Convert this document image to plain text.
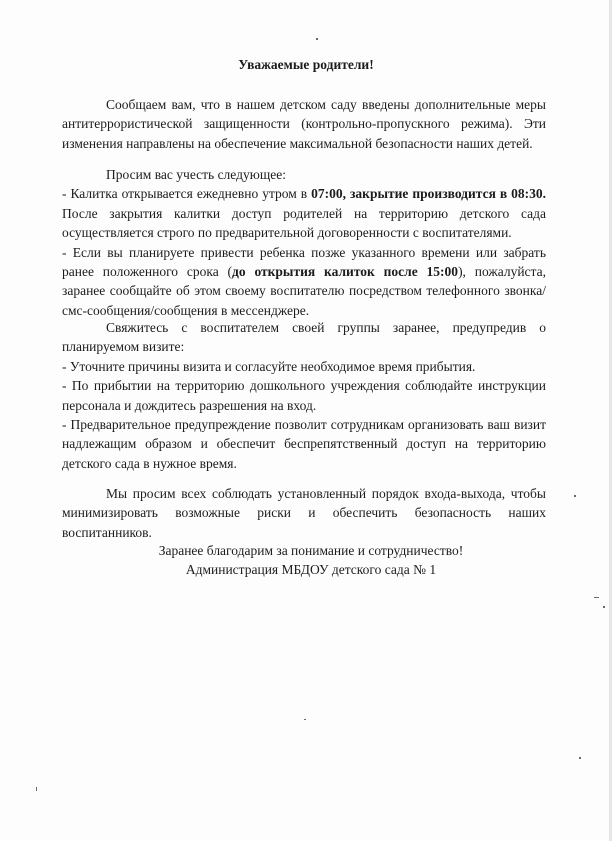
Уважаемые родители!

Сообщаем вам, что в нашем детском саду введены дополнительные меры антитеррористической защищенности (контрольно-пропускного режима). Эти изменения направлены на обеспечение максимальной безопасности наших детей.

Просим вас учесть следующее:

- Калитка открывается ежедневно утром в 07:00, закрытие производится в 08:30. После закрытия калитки доступ родителей на территорию детского сада осуществляется строго по предварительной договоренности с воспитателями.

- Если вы планируете привести ребенка позже указанного времени или забрать ранее положенного срока (до открытия калиток после 15:00), пожалуйста, заранее сообщайте об этом своему воспитателю посредством телефонного звонка/смс-сообщения/сообщения в мессенджере.

Свяжитесь с воспитателем своей группы заранее, предупредив о планируемом визите:

- Уточните причины визита и согласуйте необходимое время прибытия.

- По прибытии на территорию дошкольного учреждения соблюдайте инструкции персонала и дождитесь разрешения на вход.

- Предварительное предупреждение позволит сотрудникам организовать ваш визит надлежащим образом и обеспечит беспрепятственный доступ на территорию детского сада в нужное время.

Мы просим всех соблюдать установленный порядок входа-выхода, чтобы минимизировать возможные риски и обеспечить безопасность наших воспитанников.

Заранее благодарим за понимание и сотрудничество!

Администрация МБДОУ детского сада № 1
